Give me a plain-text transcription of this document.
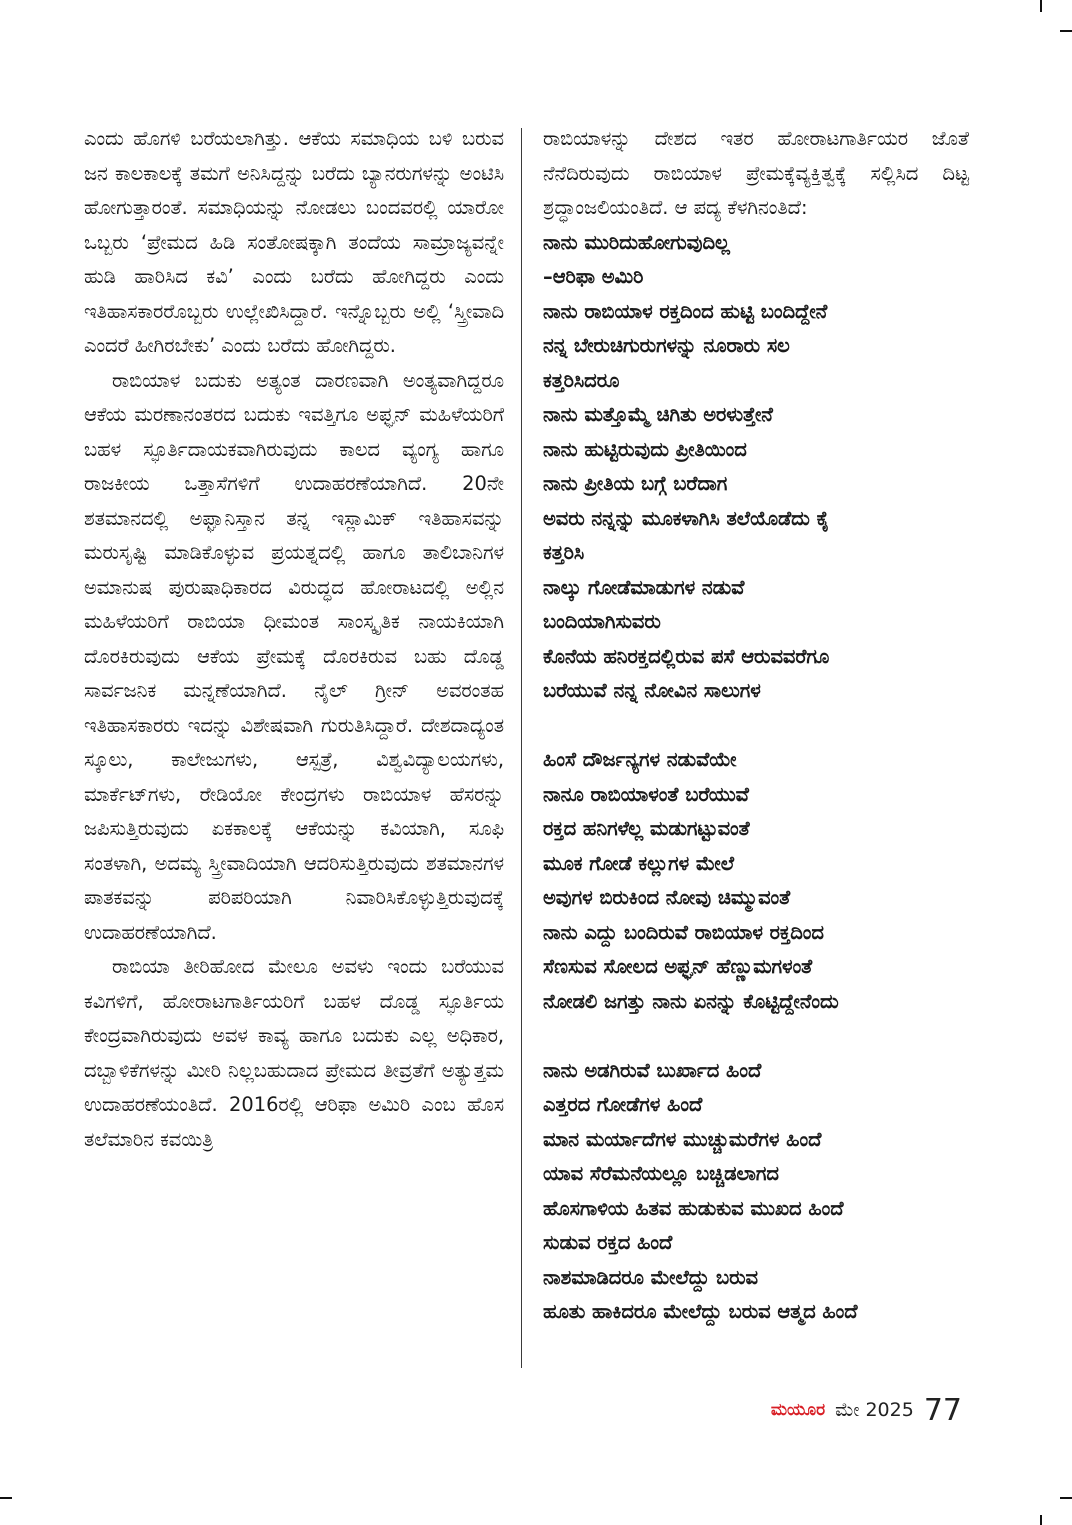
ಎಂದು ಹೊಗಳಿ ಬರೆಯಲಾಗಿತ್ತು. ಆಕೆಯ ಸಮಾಧಿಯ ಬಳಿ ಬರುವ ಜನ ಕಾಲಕಾಲಕ್ಕೆ ತಮಗೆ ಅನಿಸಿದ್ದನ್ನು ಬರೆದು ಬ್ಯಾನರುಗಳನ್ನು ಅಂಟಿಸಿ ಹೋಗುತ್ತಾರಂತೆ. ಸಮಾಧಿಯನ್ನು ನೋಡಲು ಬಂದವರಲ್ಲಿ ಯಾರೋ ಒಬ್ಬರು ‘ಪ್ರೇಮದ ಹಿಡಿ ಸಂತೋಷಕ್ಕಾಗಿ ತಂದೆಯ ಸಾಮ್ರಾಜ್ಯವನ್ನೇ ಹುಡಿ ಹಾರಿಸಿದ ಕವಿ’ ಎಂದು ಬರೆದು ಹೋಗಿದ್ದರು ಎಂದು ಇತಿಹಾಸಕಾರರೊಬ್ಬರು ಉಲ್ಲೇಖಿಸಿದ್ದಾರೆ. ಇನ್ನೊಬ್ಬರು ಅಲ್ಲಿ ‘ಸ್ತ್ರೀವಾದಿ ಎಂದರೆ ಹೀಗಿರಬೇಕು’ ಎಂದು ಬರೆದು ಹೋಗಿದ್ದರು.

ರಾಬಿಯಾಳ ಬದುಕು ಅತ್ಯಂತ ದಾರಣವಾಗಿ ಅಂತ್ಯವಾಗಿದ್ದರೂ ಆಕೆಯ ಮರಣಾನಂತರದ ಬದುಕು ಇವತ್ತಿಗೂ ಅಫ್ಘನ್ ಮಹಿಳೆಯರಿಗೆ ಬಹಳ ಸ್ಫೂರ್ತಿದಾಯಕವಾಗಿರುವುದು ಕಾಲದ ವ್ಯಂಗ್ಯ ಹಾಗೂ ರಾಜಕೀಯ ಒತ್ತಾಸೆಗಳಿಗೆ ಉದಾಹರಣೆಯಾಗಿದೆ. 20ನೇ ಶತಮಾನದಲ್ಲಿ ಅಫ್ಘಾನಿಸ್ತಾನ ತನ್ನ ಇಸ್ಲಾಮಿಕ್ ಇತಿಹಾಸವನ್ನು ಮರುಸೃಷ್ಟಿ ಮಾಡಿಕೊಳ್ಳುವ ಪ್ರಯತ್ನದಲ್ಲಿ ಹಾಗೂ ತಾಲಿಬಾನಿಗಳ ಅಮಾನುಷ ಪುರುಷಾಧಿಕಾರದ ವಿರುದ್ಧದ ಹೋರಾಟದಲ್ಲಿ ಅಲ್ಲಿನ ಮಹಿಳೆಯರಿಗೆ ರಾಬಿಯಾ ಧೀಮಂತ ಸಾಂಸ್ಕೃತಿಕ ನಾಯಕಿಯಾಗಿ ದೊರಕಿರುವುದು ಆಕೆಯ ಪ್ರೇಮಕ್ಕೆ ದೊರಕಿರುವ ಬಹು ದೊಡ್ಡ ಸಾರ್ವಜನಿಕ ಮನ್ನಣೆಯಾಗಿದೆ. ನೈಲ್ ಗ್ರೀನ್ ಅವರಂತಹ ಇತಿಹಾಸಕಾರರು ಇದನ್ನು ವಿಶೇಷವಾಗಿ ಗುರುತಿಸಿದ್ದಾರೆ. ದೇಶದಾದ್ಯಂತ ಸ್ಕೂಲು, ಕಾಲೇಜುಗಳು, ಆಸ್ಪತ್ರೆ, ವಿಶ್ವವಿದ್ಯಾಲಯಗಳು, ಮಾರ್ಕೆಟ್‌ಗಳು, ರೇಡಿಯೋ ಕೇಂದ್ರಗಳು ರಾಬಿಯಾಳ ಹೆಸರನ್ನು ಜಪಿಸುತ್ತಿರುವುದು ಏಕಕಾಲಕ್ಕೆ ಆಕೆಯನ್ನು ಕವಿಯಾಗಿ, ಸೂಫಿ ಸಂತಳಾಗಿ, ಅದಮ್ಯ ಸ್ತ್ರೀವಾದಿಯಾಗಿ ಆದರಿಸುತ್ತಿರುವುದು ಶತಮಾನಗಳ ಪಾತಕವನ್ನು ಪರಿಪರಿಯಾಗಿ ನಿವಾರಿಸಿಕೊಳ್ಳುತ್ತಿರುವುದಕ್ಕೆ ಉದಾಹರಣೆಯಾಗಿದೆ.

ರಾಬಿಯಾ ತೀರಿಹೋದ ಮೇಲೂ ಅವಳು ಇಂದು ಬರೆಯುವ ಕವಿಗಳಿಗೆ, ಹೋರಾಟಗಾರ್ತಿಯರಿಗೆ ಬಹಳ ದೊಡ್ಡ ಸ್ಫೂರ್ತಿಯ ಕೇಂದ್ರವಾಗಿರುವುದು ಅವಳ ಕಾವ್ಯ ಹಾಗೂ ಬದುಕು ಎಲ್ಲ ಅಧಿಕಾರ, ದಬ್ಬಾಳಿಕೆಗಳನ್ನು ಮೀರಿ ನಿಲ್ಲಬಹುದಾದ ಪ್ರೇಮದ ತೀವ್ರತೆಗೆ ಅತ್ಯುತ್ತಮ ಉದಾಹರಣೆಯಂತಿದೆ. 2016ರಲ್ಲಿ ಆರಿಫಾ ಅಮಿರಿ ಎಂಬ ಹೊಸ ತಲೆಮಾರಿನ ಕವಯಿತ್ರಿ

ರಾಬಿಯಾಳನ್ನು ದೇಶದ ಇತರ ಹೋರಾಟಗಾರ್ತಿಯರ ಜೊತೆ ನೆನೆದಿರುವುದು ರಾಬಿಯಾಳ ಪ್ರೇಮಕ್ಕೆವ್ಯಕ್ತಿತ್ವಕ್ಕೆ ಸಲ್ಲಿಸಿದ ದಿಟ್ಟ ಶ್ರದ್ಧಾಂಜಲಿಯಂತಿದೆ. ಆ ಪದ್ಯ ಕೆಳಗಿನಂತಿದೆ:

ನಾನು ಮುರಿದುಹೋಗುವುದಿಲ್ಲ
–ಆರಿಫಾ ಅಮಿರಿ
ನಾನು ರಾಬಿಯಾಳ ರಕ್ತದಿಂದ ಹುಟ್ಟಿ ಬಂದಿದ್ದೇನೆ
ನನ್ನ ಬೇರುಚಿಗುರುಗಳನ್ನು ನೂರಾರು ಸಲ
ಕತ್ತರಿಸಿದರೂ
ನಾನು ಮತ್ತೊಮ್ಮೆ ಚಿಗಿತು ಅರಳುತ್ತೇನೆ
ನಾನು ಹುಟ್ಟಿರುವುದು ಪ್ರೀತಿಯಿಂದ
ನಾನು ಪ್ರೀತಿಯ ಬಗ್ಗೆ ಬರೆದಾಗ
ಅವರು ನನ್ನನ್ನು ಮೂಕಳಾಗಿಸಿ ತಲೆಯೊಡೆದು ಕೈ
ಕತ್ತರಿಸಿ
ನಾಲ್ಕು ಗೋಡೆಮಾಡುಗಳ ನಡುವೆ
ಬಂದಿಯಾಗಿಸುವರು
ಕೊನೆಯ ಹನಿರಕ್ತದಲ್ಲಿರುವ ಪಸೆ ಆರುವವರೆಗೂ
ಬರೆಯುವೆ ನನ್ನ ನೋವಿನ ಸಾಲುಗಳ
ಹಿಂಸೆ ದೌರ್ಜನ್ಯಗಳ ನಡುವೆಯೇ
ನಾನೂ ರಾಬಿಯಾಳಂತೆ ಬರೆಯುವೆ
ರಕ್ತದ ಹನಿಗಳೆಲ್ಲ ಮಡುಗಟ್ಟುವಂತೆ
ಮೂಕ ಗೋಡೆ ಕಲ್ಲುಗಳ ಮೇಲೆ
ಅವುಗಳ ಬಿರುಕಿಂದ ನೋವು ಚಿಮ್ಮುವಂತೆ
ನಾನು ಎದ್ದು ಬಂದಿರುವೆ ರಾಬಿಯಾಳ ರಕ್ತದಿಂದ
ಸೆಣಸುವ ಸೋಲದ ಅಫ್ಘನ್ ಹೆಣ್ಣುಮಗಳಂತೆ
ನೋಡಲಿ ಜಗತ್ತು ನಾನು ಏನನ್ನು ಕೊಟ್ಟಿದ್ದೇನೆಂದು
ನಾನು ಅಡಗಿರುವೆ ಬುರ್ಖಾದ ಹಿಂದೆ
ಎತ್ತರದ ಗೋಡೆಗಳ ಹಿಂದೆ
ಮಾನ ಮರ್ಯಾದೆಗಳ ಮುಚ್ಚುಮರೆಗಳ ಹಿಂದೆ
ಯಾವ ಸೆರೆಮನೆಯಲ್ಲೂ ಬಚ್ಚಿಡಲಾಗದ
ಹೊಸಗಾಳಿಯ ಹಿತವ ಹುಡುಕುವ ಮುಖದ ಹಿಂದೆ
ಸುಡುವ ರಕ್ತದ ಹಿಂದೆ
ನಾಶಮಾಡಿದರೂ ಮೇಲೆದ್ದು ಬರುವ
ಹೂತು ಹಾಕಿದರೂ ಮೇಲೆದ್ದು ಬರುವ ಆತ್ಮದ ಹಿಂದೆ
ಮಯೂರ ಮೇ 2025 77
